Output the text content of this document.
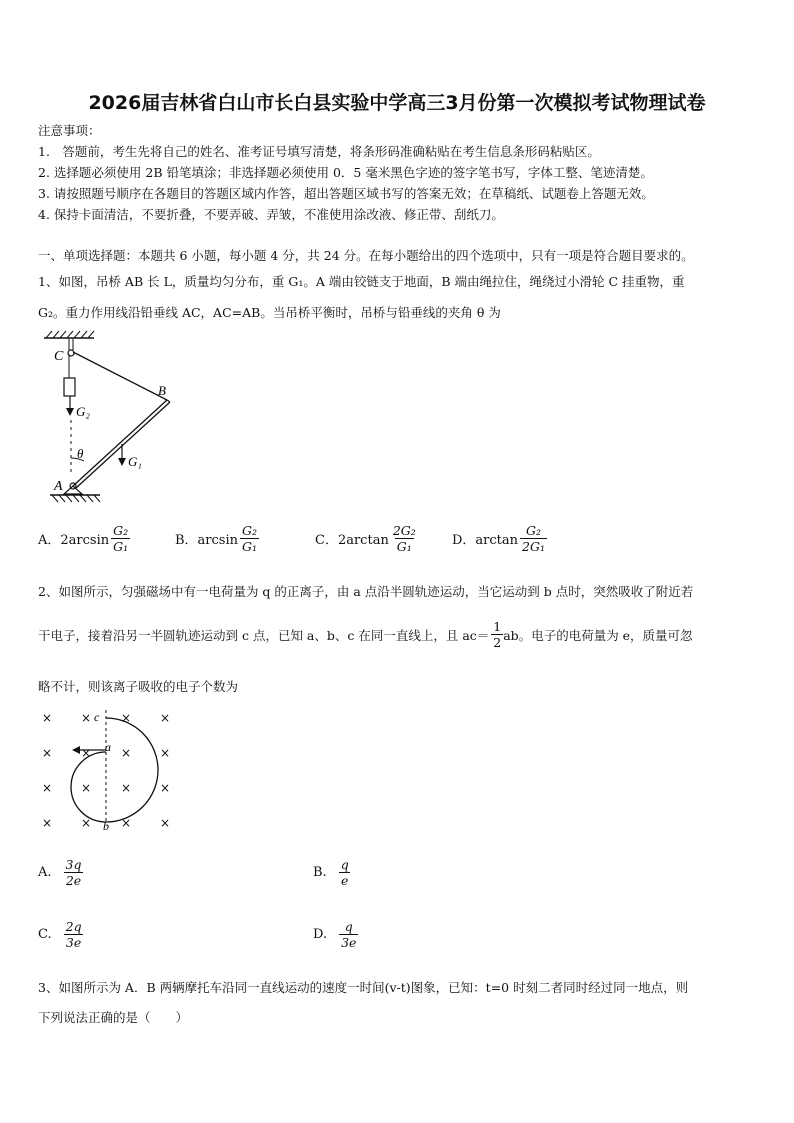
2026届吉林省白山市长白县实验中学高三3月份第一次模拟考试物理试卷
注意事项：
1.　答题前，考生先将自己的姓名、准考证号填写清楚，将条形码准确粘贴在考生信息条形码粘贴区。
2. 选择题必须使用 2B 铅笔填涂；非选择题必须使用 0．5 毫米黑色字迹的签字笔书写，字体工整、笔迹清楚。
3. 请按照题号顺序在各题目的答题区域内作答，超出答题区域书写的答案无效；在草稿纸、试题卷上答题无效。
4. 保持卡面清洁，不要折叠，不要弄破、弄皱，不准使用涂改液、修正带、刮纸刀。
一、单项选择题：本题共 6 小题，每小题 4 分，共 24 分。在每小题给出的四个选项中，只有一项是符合题目要求的。
1、如图，吊桥 AB 长 L，质量均匀分布，重 G₁。A 端由铰链支于地面，B 端由绳拉住，绳绕过小滑轮 C 挂重物，重
G₂。重力作用线沿铅垂线 AC，AC=AB。当吊桥平衡时，吊桥与铅垂线的夹角 θ 为
C
B
G₂
G₁
θ
A
A．$2\arcsin \frac{\text{G₂}}{\text{G₁}}$	B．$\arcsin \frac{\text{G₂}}{\text{G₁}}$	C．$2\arctan \frac{\text{2G₂}}{\text{G₁}}$	D．$\arctan \frac{\text{G₂}}{\text{2G₁}}$
2、如图所示，匀强磁场中有一电荷量为 q 的正离子，由 a 点沿半圆轨迹运动，当它运动到 b 点时，突然吸收了附近若
干电子，接着沿另一半圆轨迹运动到 c 点，已知 a、b、c 在同一直线上，且 $ac= \frac{1}{2}$ ab。电子的电荷量为 e，质量可忽
略不计，则该离子吸收的电子个数为
× × × ×
× × × ×
× × × ×
× × × ×
c
a
b
A. $\frac{3q}{2e}$	B. $\frac{q}{e}$
C. $\frac{2q}{3e}$	D. $\frac{q}{3e}$
3、如图所示为 A．B 两辆摩托车沿同一直线运动的速度一时间(v-t)图象，已知：t=0 时刻二者同时经过同一地点，则
下列说法正确的是（　　）
